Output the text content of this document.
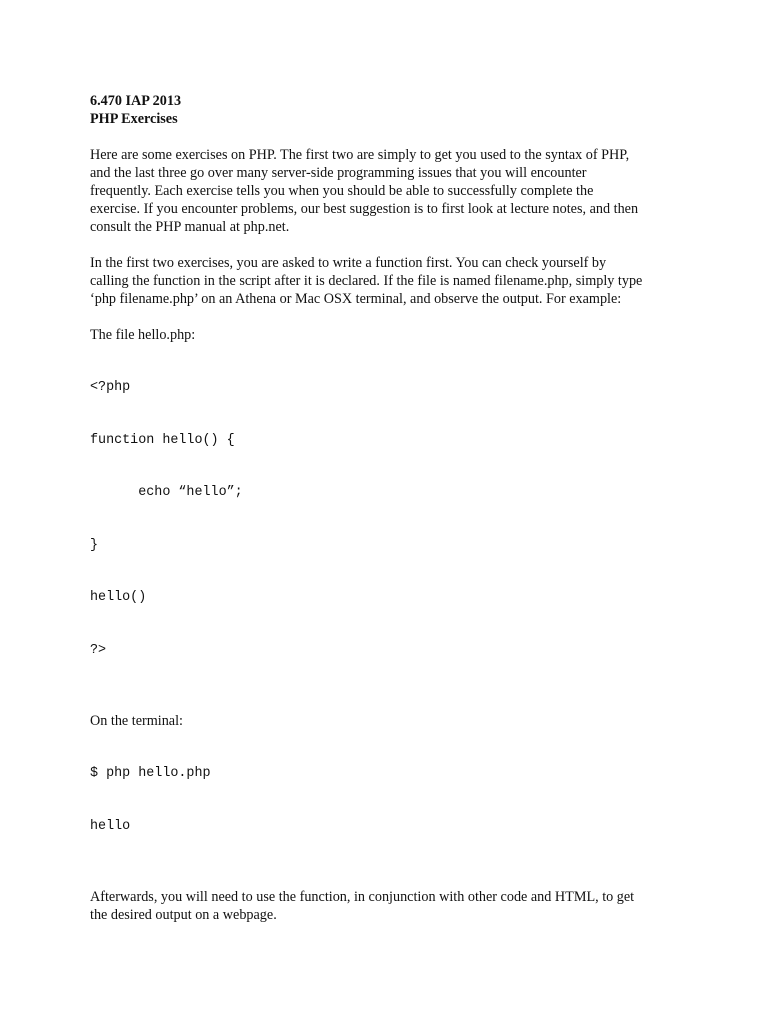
6.470 IAP 2013
PHP Exercises
Here are some exercises on PHP. The first two are simply to get you used to the syntax of PHP,
and the last three go over many server-side programming issues that you will encounter
frequently. Each exercise tells you when you should be able to successfully complete the
exercise. If you encounter problems, our best suggestion is to first look at lecture notes, and then
consult the PHP manual at php.net.
In the first two exercises, you are asked to write a function first. You can check yourself by
calling the function in the script after it is declared. If the file is named filename.php, simply type
‘php filename.php’ on an Athena or Mac OSX terminal, and observe the output. For example:
The file hello.php:

<?php

function hello() {

echo “hello”;

}

hello()

?>

On the terminal:

$ php hello.php

hello

Afterwards, you will need to use the function, in conjunction with other code and HTML, to get
the desired output on a webpage.
